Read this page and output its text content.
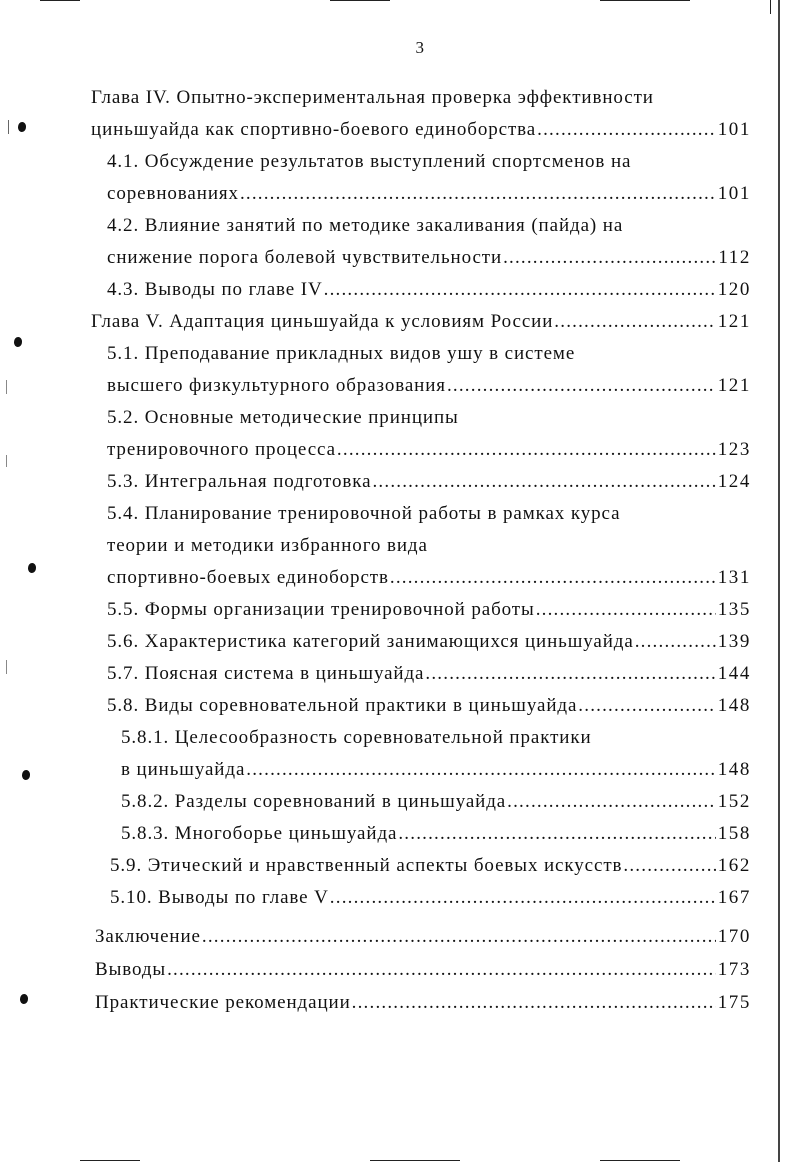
3
Глава IV. Опытно-экспериментальная проверка эффективности
циньшуайда как спортивно-боевого единоборства .....	101
4.1. Обсуждение результатов выступлений спортсменов на
соревнованиях .....	101
4.2. Влияние занятий по методике закаливания (пайда) на
снижение порога болевой чувствительности .....	112
4.3. Выводы по главе IV .....	120
Глава V. Адаптация циньшуайда к условиям России .....	121
5.1. Преподавание прикладных видов ушу в системе
высшего физкультурного образования .....	121
5.2. Основные методические принципы
тренировочного процесса .....	123
5.3. Интегральная подготовка .....	124
5.4. Планирование тренировочной работы в рамках курса
теории и методики избранного вида
спортивно-боевых единоборств .....	131
5.5. Формы организации тренировочной работы .....	135
5.6. Характеристика категорий занимающихся циньшуайда .....	139
5.7. Поясная система в циньшуайда .....	144
5.8. Виды соревновательной практики в циньшуайда .....	148
5.8.1. Целесообразность соревновательной практики
в циньшуайда .....	148
5.8.2. Разделы соревнований в циньшуайда .....	152
5.8.3. Многоборье циньшуайда .....	158
5.9. Этический и нравственный аспекты боевых искусств .....	162
5.10. Выводы по главе V .....	167
Заключение .....	170
Выводы .....	173
Практические рекомендации .....	175
